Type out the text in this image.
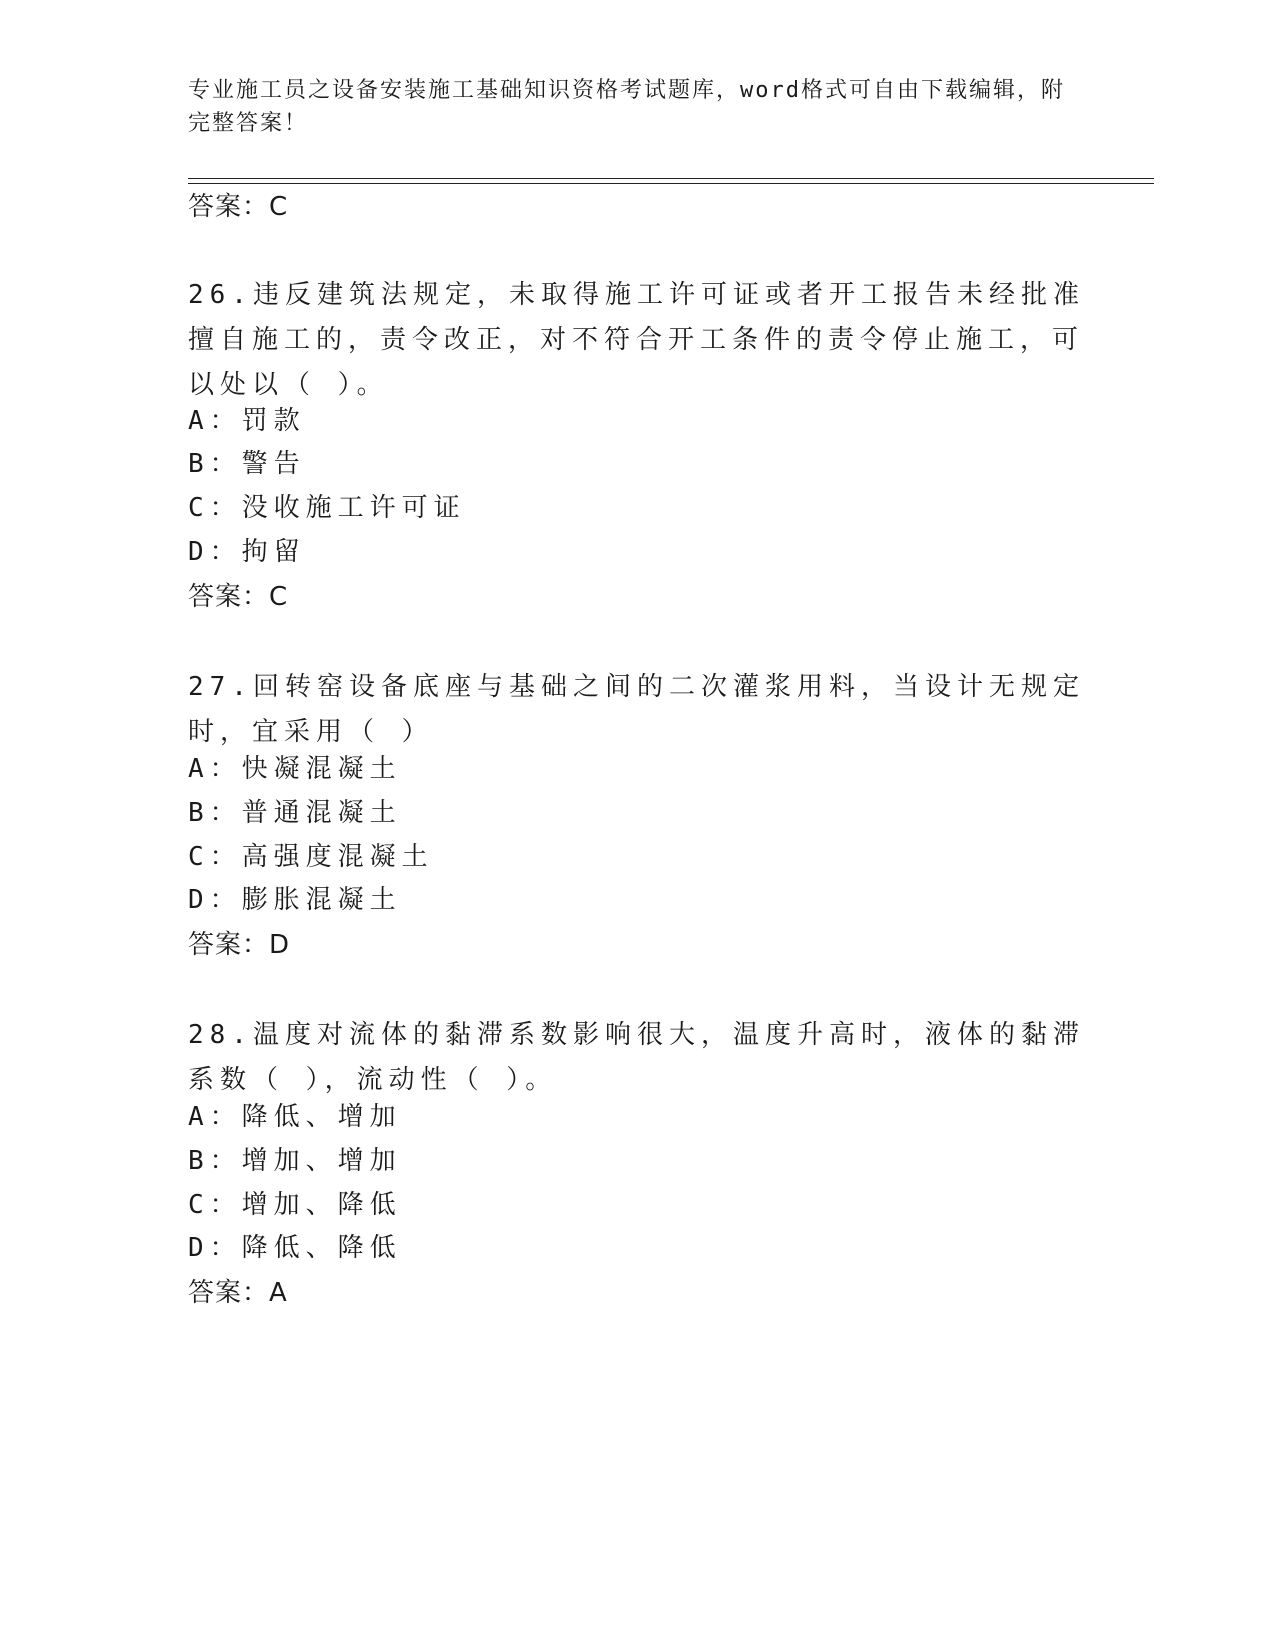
专业施工员之设备安装施工基础知识资格考试题库，word格式可自由下载编辑，附完整答案！
答案：C
26.违反建筑法规定，未取得施工许可证或者开工报告未经批准擅自施工的，责令改正，对不符合开工条件的责令停止施工，可以处以（ ）。
A：罚款
B：警告
C：没收施工许可证
D：拘留
答案：C
27.回转窑设备底座与基础之间的二次灌浆用料，当设计无规定时，宜采用（ ）
A：快凝混凝土
B：普通混凝土
C：高强度混凝土
D：膨胀混凝土
答案：D
28.温度对流体的黏滞系数影响很大，温度升高时，液体的黏滞系数（ ），流动性（ ）。
A：降低、增加
B：增加、增加
C：增加、降低
D：降低、降低
答案：A
